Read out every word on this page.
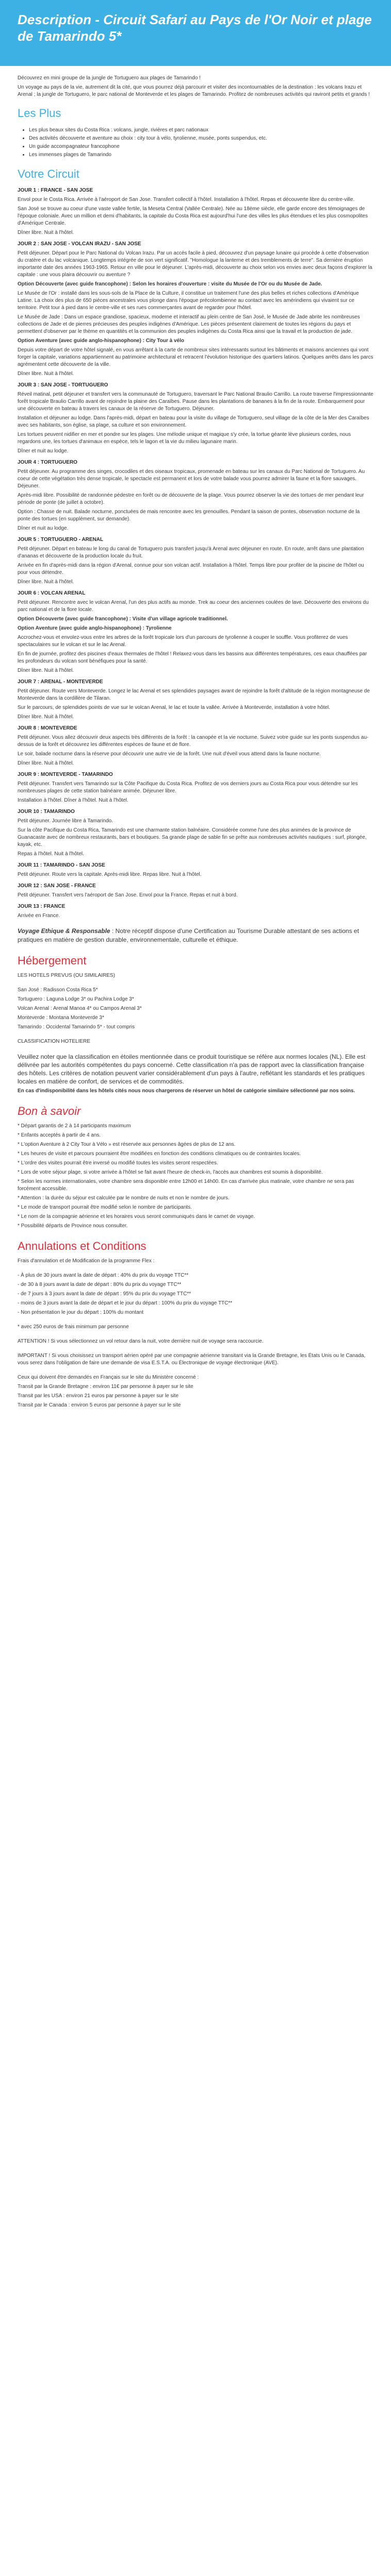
Description - Circuit Safari au Pays de l'Or Noir et plage de Tamarindo 5*

Découvrez en mini groupe de la jungle de Tortuguero aux plages de Tamarindo !

Un voyage au pays de la vie, autrement dit la cité, que vous pourrez déjà parcourir et visiter des incontournables de la destination : les volcans Irazu et Arenal ; la jungle de Tortuguero, le parc national de Monteverde et les plages de Tamarindo. Profitez de nombreuses activités qui raviront petits et grands !

Les Plus
• Les plus beaux sites du Costa Rica : volcans, jungle, rivières et parc nationaux
• Des activités découverte et aventure au choix : city tour à vélo, tyrolienne, musée, ponts suspendus, etc.
• Un guide accompagnateur francophone
• Les immenses plages de Tamarindo
Votre Circuit

JOUR 1 : FRANCE - SAN JOSE

Envol pour le Costa Rica. Arrivée à l'aéroport de San Jose. Transfert collectif à l'hôtel. Installation à l'hôtel. Repas et découverte libre du centre-ville.

San José se trouve au coeur d'une vaste vallée fertile, la Meseta Central (Vallée Centrale). Née au 18ème siècle, elle garde encore des témoignages de l'époque coloniale. Avec un million et demi d'habitants, la capitale du Costa Rica est aujourd'hui l'une des villes les plus étendues et les plus cosmopolites d'Amérique Centrale.

Dîner libre. Nuit à l'hôtel.

JOUR 2 : SAN JOSE - VOLCAN IRAZU - SAN JOSE

Petit déjeuner. Départ pour le Parc National du Volcan Irazu. Par un accès facile à pied, découvrez d'un paysage lunaire qui procède à cette d'observation du cratère et du lac volcanique. Longtemps intégrée de son vert significatif. "Homologue la lanterne et des tremblements de terre". Sa dernière éruption importante date des années 1963-1965. Retour en ville pour le déjeuner. L'après-midi, découverte au choix selon vos envies avec deux façons d'explorer la capitale : une vous plaira découvrir ou aventure ?

Option Découverte (avec guide francophone) : Selon les horaires d'ouverture : visite du Musée de l'Or ou du Musée de Jade.

Le Musée de l'Or : installé dans les sous-sols de la Place de la Culture, il constitue un traitement l'une des plus belles et riches collections d'Amérique Latine. La choix des plus de 650 pièces ancestrales vous plonge dans l'époque précolombienne au contact avec les amérindiens qui vivaient sur ce territoire. Petit tour à pied dans le centre-ville et ses rues commerçantes avant de regarder pour l'hôtel.

Le Musée de Jade : Dans un espace grandiose, spacieux, moderne et interactif au plein centre de San José, le Musée de Jade abrite les nombreuses collections de Jade et de pierres précieuses des peuples indigènes d'Amérique. Les pièces présentent clairement de toutes les régions du pays et permettent d'observer par le thème en quantités et la communion des peuples indigènes du Costa Rica ainsi que la travail et la production de jade.

Option Aventure (avec guide anglo-hispanophone) : City Tour à vélo

Depuis votre départ de votre hôtel signalé, en vous arrêtant à la carte de nombreux sites intéressants surtout les bâtiments et maisons anciennes qui vont forger la capitale, variations appartiennent au patrimoine architectural et retracent l'évolution historique des quartiers latinos. Quelques arrêts dans les parcs agrémentent cette découverte de la ville.

Dîner libre. Nuit à l'hôtel.

JOUR 3 : SAN JOSE - TORTUGUERO

Réveil matinal, petit déjeuner et transfert vers la communauté de Tortuguero, traversant le Parc National Braulio Carrillo. La route traverse l'impressionnante forêt tropicale Braulio Carrillo avant de rejoindre la plaine des Caraïbes. Pause dans les plantations de bananes à la fin de la route. Embarquement pour une découverte en bateau à travers les canaux de la réserve de Tortuguero. Déjeuner.

Installation et déjeuner au lodge. Dans l'après-midi, départ en bateau pour la visite du village de Tortuguero, seul village de la côte de la Mer des Caraïbes avec ses habitants, son église, sa plage, sa culture et son environnement.

Les tortues peuvent nidifier en mer et pondre sur les plages. Une mélodie unique et magique s'y crée, la tortue géante lève plusieurs cordes, nous regardons une, les tortues d'animaux en espèce, tels le lagon et la vie du milieu lagunaire marin.

Dîner et nuit au lodge.

JOUR 4 : TORTUGUERO

Petit déjeuner. Au programme des singes, crocodiles et des oiseaux tropicaux, promenade en bateau sur les canaux du Parc National de Tortuguero. Au coeur de cette végétation très dense tropicale, le spectacle est permanent et lors de votre balade vous pourrez admirer la faune et la flore sauvages. Déjeuner.

Après-midi libre. Possibilité de randonnée pédestre en forêt ou de découverte de la plage. Vous pourrez observer la vie des tortues de mer pendant leur période de ponte (de juillet à octobre).

Option : Chasse de nuit. Balade nocturne, ponctuées de mais rencontre avec les grenouilles. Pendant la saison de pontes, observation nocturne de la ponte des tortues (en supplément, sur demande).

Dîner et nuit au lodge.

JOUR 5 : TORTUGUERO - ARENAL

Petit déjeuner. Départ en bateau le long du canal de Tortuguero puis transfert jusqu'à Arenal avec déjeuner en route. En route, arrêt dans une plantation d'ananas et découverte de la production locale du fruit.

Arrivée en fin d'après-midi dans la région d'Arenal, connue pour son volcan actif. Installation à l'hôtel. Temps libre pour profiter de la piscine de l'hôtel ou pour vous détendre.

Dîner libre. Nuit à l'hôtel.

JOUR 6 : VOLCAN ARENAL

Petit déjeuner. Rencontre avec le volcan Arenal, l'un des plus actifs au monde. Trek au coeur des anciennes coulées de lave. Découverte des environs du parc national et de la flore locale.

Option Découverte (avec guide francophone) : Visite d'un village agricole traditionnel.

Option Aventure (avec guide anglo-hispanophone) : Tyrolienne

Accrochez-vous et envolez-vous entre les arbres de la forêt tropicale lors d'un parcours de tyrolienne à couper le souffle. Vous profiterez de vues spectaculaires sur le volcan et sur le lac Arenal.

En fin de journée, profitez des piscines d'eaux thermales de l'hôtel ! Relaxez-vous dans les bassins aux différentes températures, ces eaux chauffées par les profondeurs du volcan sont bénéfiques pour la santé.

Dîner libre. Nuit à l'hôtel.

JOUR 7 : ARENAL - MONTEVERDE

Petit déjeuner. Route vers Monteverde. Longez le lac Arenal et ses splendides paysages avant de rejoindre la forêt d'altitude de la région montagneuse de Monteverde dans la cordillère de Tilaran.

Sur le parcours, de splendides points de vue sur le volcan Arenal, le lac et toute la vallée. Arrivée à Monteverde, installation à votre hôtel.

Dîner libre. Nuit à l'hôtel.

JOUR 8 : MONTEVERDE

Petit déjeuner. Vous allez découvrir deux aspects très différents de la forêt : la canopée et la vie nocturne. Suivez votre guide sur les ponts suspendus au-dessus de la forêt et découvrez les différentes espèces de faune et de flore.

Le soir, balade nocturne dans la réserve pour découvrir une autre vie de la forêt. Une nuit d'éveil vous attend dans la faune nocturne.

Dîner libre. Nuit à l'hôtel.

JOUR 9 : MONTEVERDE - TAMARINDO

Petit déjeuner. Transfert vers Tamarindo sur la Côte Pacifique du Costa Rica. Profitez de vos derniers jours au Costa Rica pour vous détendre sur les nombreuses plages de cette station balnéaire animée. Déjeuner libre.

Installation à l'hôtel. Dîner à l'hôtel. Nuit à l'hôtel.

JOUR 10 : TAMARINDO

Petit déjeuner. Journée libre à Tamarindo.

Sur la côte Pacifique du Costa Rica, Tamarindo est une charmante station balnéaire. Considérée comme l'une des plus animées de la province de Guanacaste avec de nombreux restaurants, bars et boutiques. Sa grande plage de sable fin se prête aux nombreuses activités nautiques : surf, plongée, kayak, etc.

Repas à l'hôtel. Nuit à l'hôtel.

JOUR 11 : TAMARINDO - SAN JOSE

Petit déjeuner. Route vers la capitale. Après-midi libre. Repas libre. Nuit à l'hôtel.

JOUR 12 : SAN JOSE - FRANCE

Petit déjeuner. Transfert vers l'aéroport de San Jose. Envol pour la France. Repas et nuit à bord.

JOUR 13 : FRANCE

Arrivée en France.

Voyage Ethique & Responsable : Notre réceptif dispose d'une Certification au Tourisme Durable attestant de ses actions et pratiques en matière de gestion durable, environnementale, culturelle et éthique.

Hébergement

LES HOTELS PREVUS (OU SIMILAIRES)

San José : Radisson Costa Rica 5*

Tortuguero : Laguna Lodge 3* ou Pachira Lodge 3*

Volcan Arenal : Arenal Manoa 4* ou Campos Arenal 3*

Monteverde : Montana Monteverde 3*

Tamarindo : Occidental Tamarindo 5* - tout compris

CLASSIFICATION HOTELIERE

Veuillez noter que la classification en étoiles mentionnée dans ce produit touristique se réfère aux normes locales (NL). Elle est délivrée par les autorités compétentes du pays concerné. Cette classification n'a pas de rapport avec la classification française des hôtels. Les critères de notation peuvent varier considérablement d'un pays à l'autre, reflétant les standards et les pratiques locales en matière de confort, de services et de commodités.

En cas d'indisponibilité dans les hôtels cités nous nous chargerons de réserver un hôtel de catégorie similaire sélectionné par nos soins.

Bon à savoir

* Départ garantis de 2 à 14 participants maximum

* Enfants acceptés à partir de 4 ans.

* L'option Aventure à 2 City Tour à Vélo » est réservée aux personnes âgées de plus de 12 ans.

* Les heures de visite et parcours pourraient être modifiées en fonction des conditions climatiques ou de contraintes locales.

* L'ordre des visites pourrait être inversé ou modifié toutes les visites seront respectées.

* Lors de votre séjour plage, si votre arrivée à l'hôtel se fait avant l'heure de check-in, l'accès aux chambres est soumis à disponibilité.

* Selon les normes internationales, votre chambre sera disponible entre 12h00 et 14h00. En cas d'arrivée plus matinale, votre chambre ne sera pas forcément accessible.

* Attention : la durée du séjour est calculée par le nombre de nuits et non le nombre de jours.

* Le mode de transport pourrait être modifié selon le nombre de participants.

* Le nom de la compagnie aérienne et les horaires vous seront communiqués dans le carnet de voyage.

* Possibilité départs de Province nous consulter.

Annulations et Conditions

Frais d'annulation et de Modification de la programme Flex :

- À plus de 30 jours avant la date de départ : 40% du prix du voyage TTC**

- de 30 à 8 jours avant la date de départ : 80% du prix du voyage TTC**

- de 7 jours à 3 jours avant la date de départ : 95% du prix du voyage TTC**

- moins de 3 jours avant la date de départ et le jour du départ : 100% du prix du voyage TTC**

- Non présentation le jour du départ : 100% du montant

* avec 250 euros de frais minimum par personne

ATTENTION ! Si vous sélectionnez un vol retour dans la nuit, votre dernière nuit de voyage sera raccourcie.

IMPORTANT ! Si vous choisissez un transport aérien opéré par une compagnie aérienne transitant via la Grande Bretagne, les États Unis ou le Canada, vous serez dans l'obligation de faire une demande de visa E.S.T.A. ou Électronique de voyage électronique (AVE).

Ceux qui doivent être demandés en Français sur le site du Ministère concerné :

Transit par la Grande Bretagne : environ 11€ par personne à payer sur le site

Transit par les USA : environ 21 euros par personne à payer sur le site

Transit par le Canada : environ 5 euros par personne à payer sur le site
